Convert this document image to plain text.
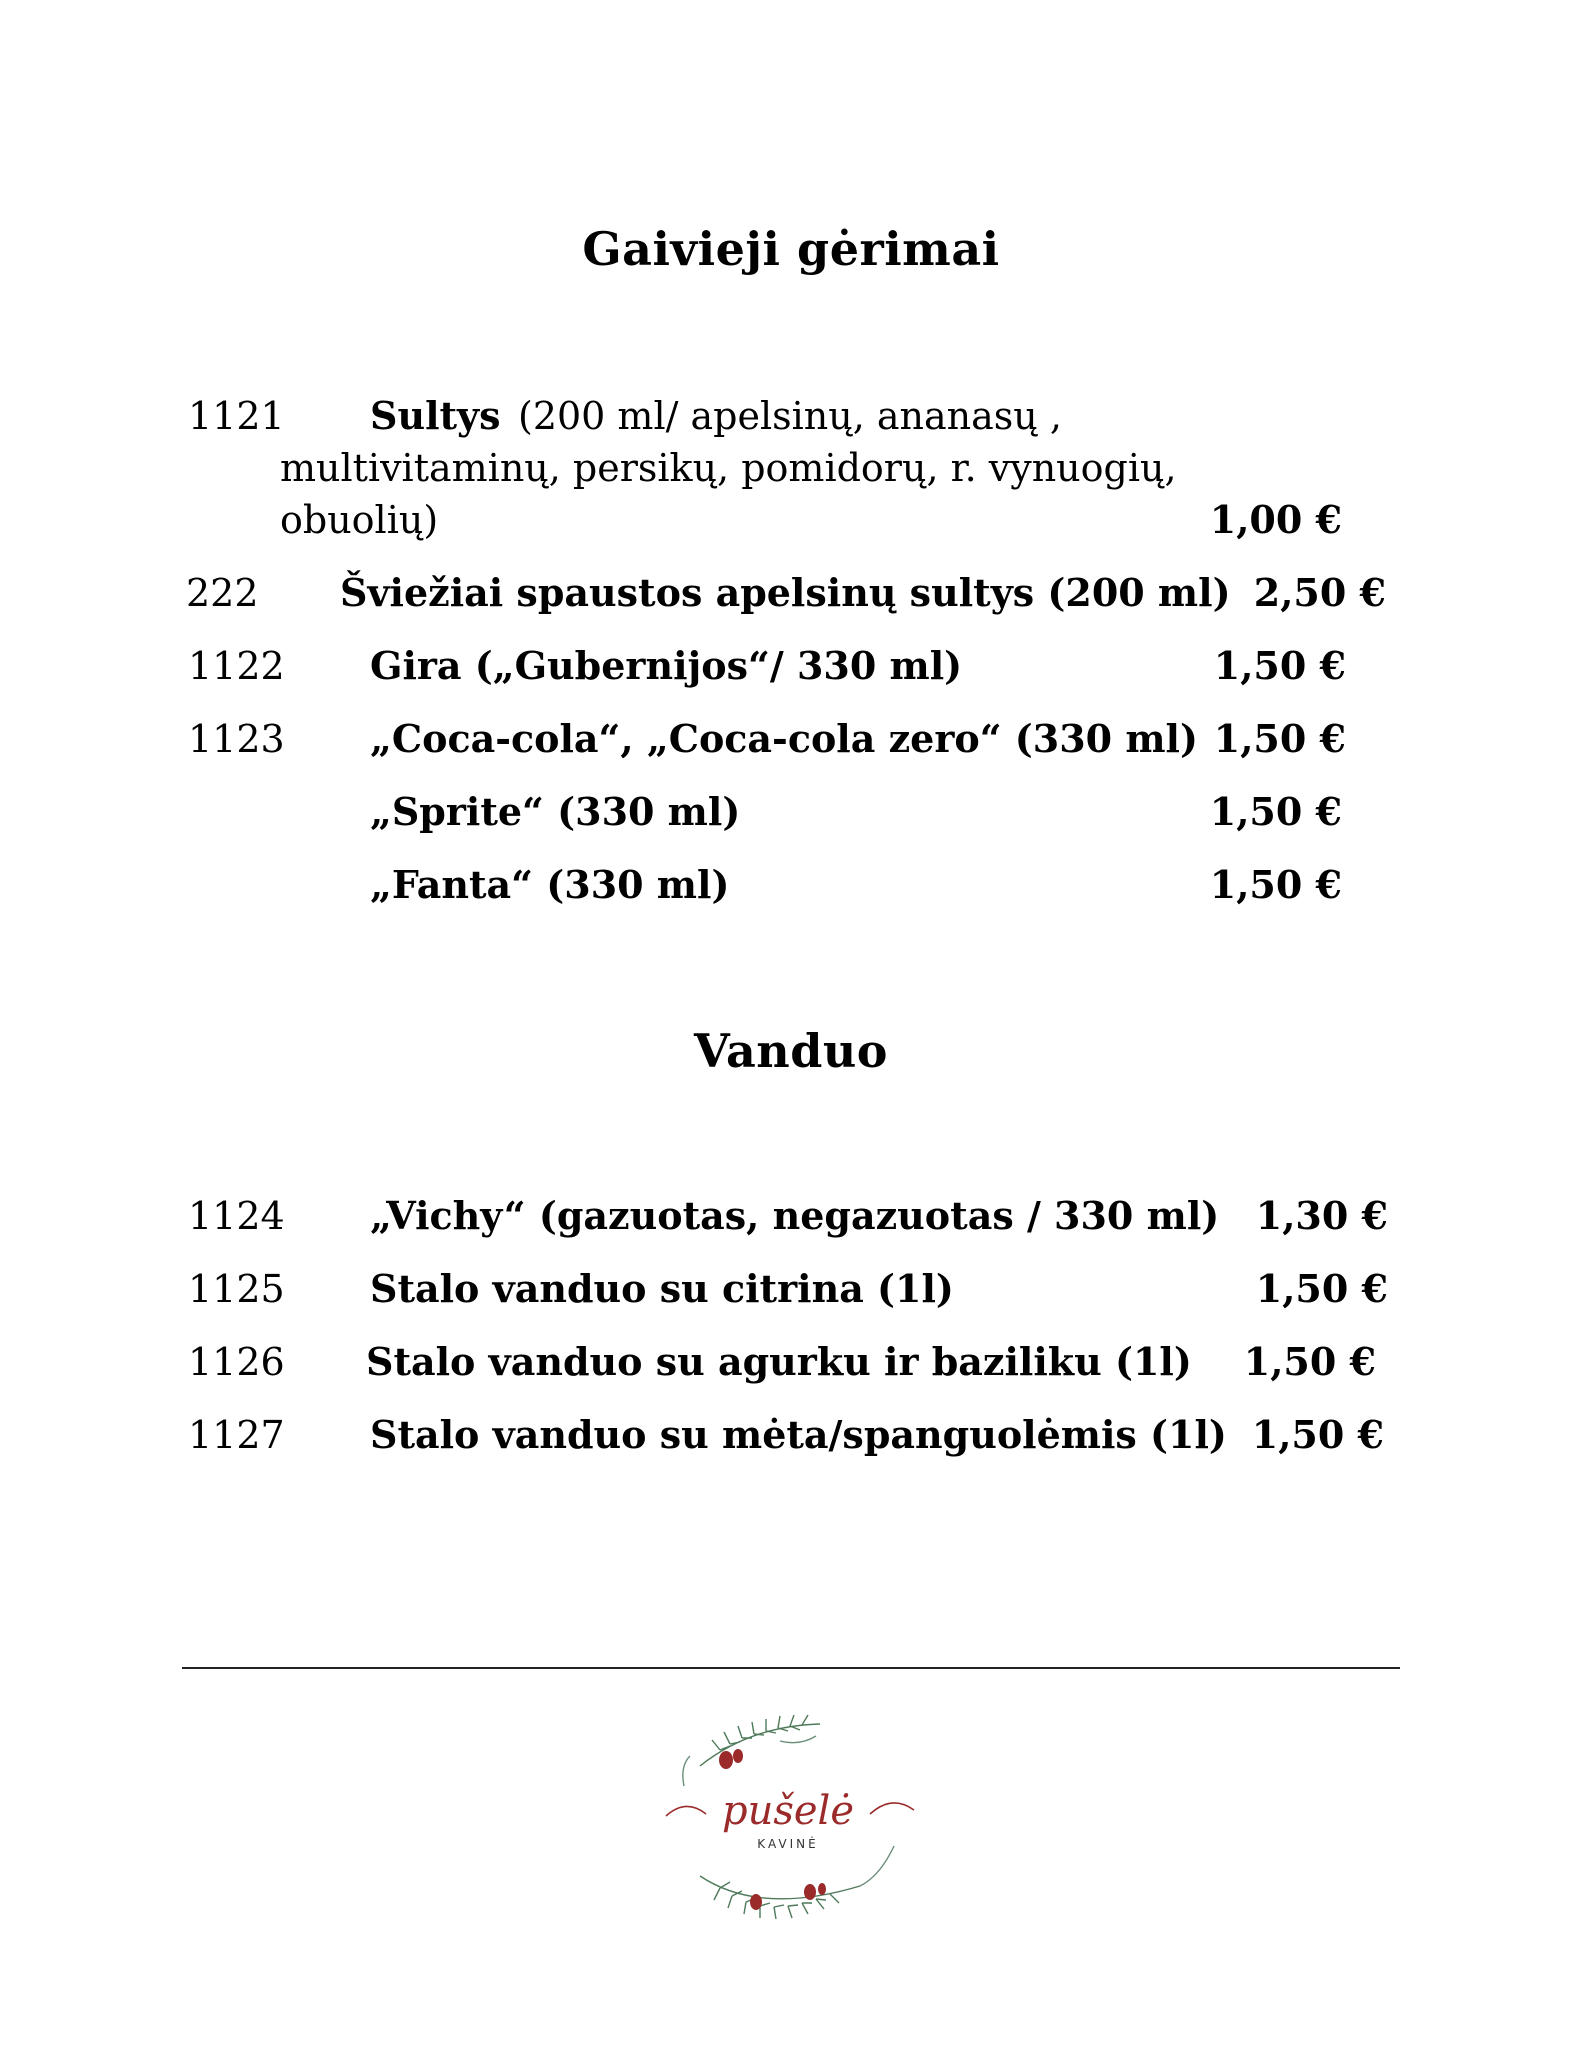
Gaivieji gėrimai
1121 Sultys (200 ml/ apelsinų, ananasų ,
multivitaminų, persikų, pomidorų, r. vynuogių,
obuolių)	1,00 €
222 Šviežiai spaustos apelsinų sultys (200 ml) 2,50 €
1122 Gira („Gubernijos“/ 330 ml)	1,50 €
1123 „Coca-cola“, „Coca-cola zero“ (330 ml) 1,50 €
„Sprite“ (330 ml)	1,50 €
„Fanta“ (330 ml)	1,50 €
Vanduo
1124 „Vichy“ (gazuotas, negazuotas / 330 ml) 1,30 €
1125 Stalo vanduo su citrina (1l)	1,50 €
1126 Stalo vanduo su agurku ir baziliku (1l) 1,50 €
1127 Stalo vanduo su mėta/spanguolėmis (1l) 1,50 €
pušelė
KAVINĖ
